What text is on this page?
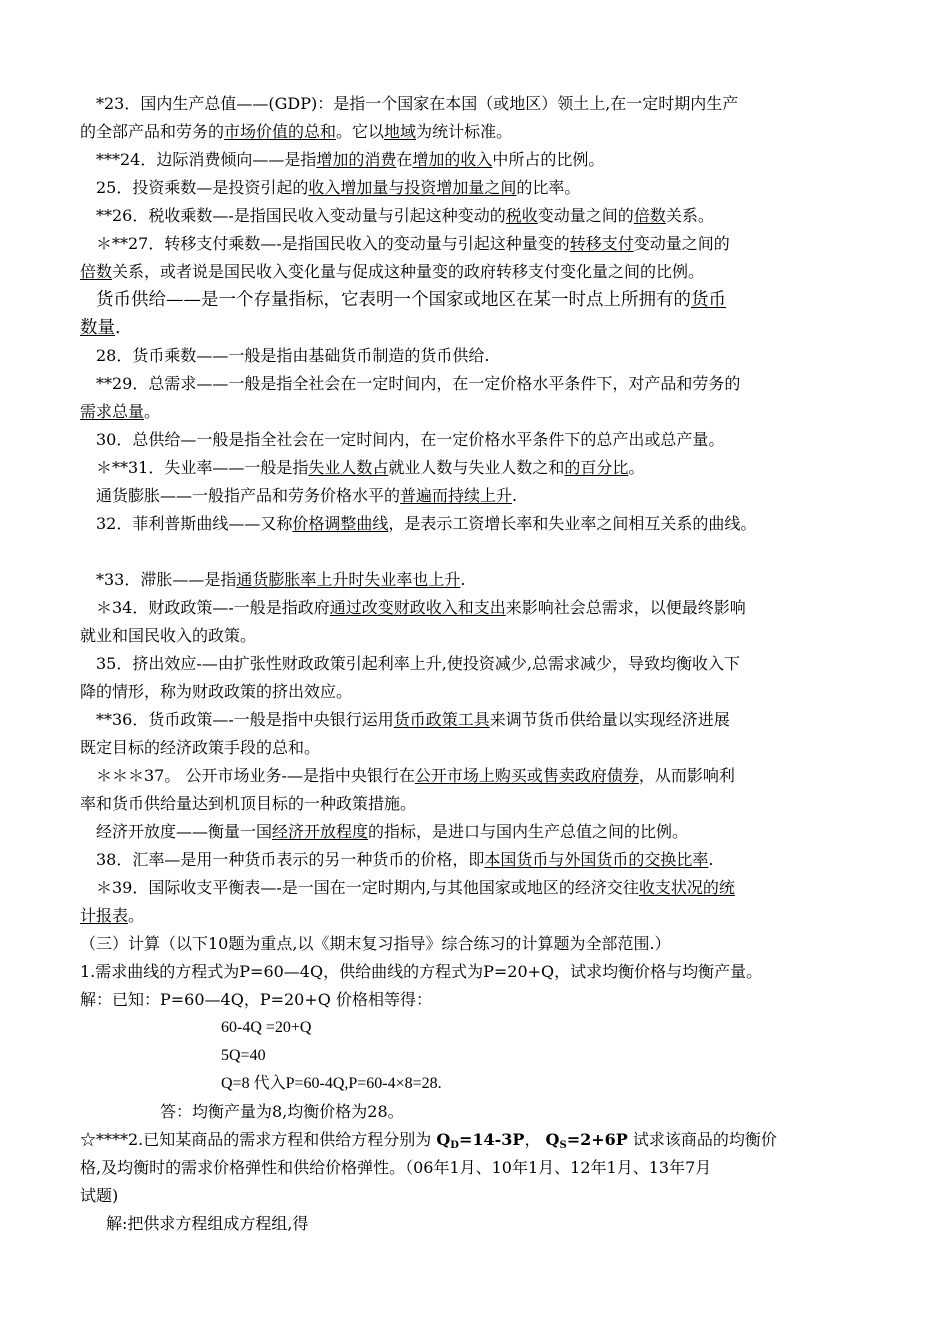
*23．国内生产总值——(GDP)：是指一个国家在本国（或地区）领土上,在一定时期内生产
的全部产品和劳务的市场价值的总和。它以地域为统计标准。
***24．边际消费倾向——是指增加的消费在增加的收入中所占的比例。
25．投资乘数—是投资引起的收入增加量与投资增加量之间的比率。
**26．税收乘数—-是指国民收入变动量与引起这种变动的税收变动量之间的倍数关系。
＊**27．转移支付乘数—-是指国民收入的变动量与引起这种量变的转移支付变动量之间的
倍数关系，或者说是国民收入变化量与促成这种量变的政府转移支付变化量之间的比例。
货币供给——是一个存量指标，它表明一个国家或地区在某一时点上所拥有的货币
数量.
28．货币乘数——一般是指由基础货币制造的货币供给.
**29．总需求——一般是指全社会在一定时间内，在一定价格水平条件下，对产品和劳务的
需求总量。
30．总供给—一般是指全社会在一定时间内，在一定价格水平条件下的总产出或总产量。
＊**31．失业率——一般是指失业人数占就业人数与失业人数之和的百分比。
通货膨胀——一般指产品和劳务价格水平的普遍而持续上升.
32．菲利普斯曲线——又称价格调整曲线，是表示工资增长率和失业率之间相互关系的曲线。
*33．滞胀——是指通货膨胀率上升时失业率也上升.
＊34．财政政策—-一般是指政府通过改变财政收入和支出来影响社会总需求，以便最终影响
就业和国民收入的政策。
35．挤出效应-—由扩张性财政政策引起利率上升,使投资减少,总需求减少，导致均衡收入下
降的情形，称为财政政策的挤出效应。
**36．货币政策—-一般是指中央银行运用货币政策工具来调节货币供给量以实现经济进展
既定目标的经济政策手段的总和。
＊＊＊37。 公开市场业务-—是指中央银行在公开市场上购买或售卖政府债券，从而影响利
率和货币供给量达到机顶目标的一种政策措施。
经济开放度——衡量一国经济开放程度的指标，是进口与国内生产总值之间的比例。
38．汇率—是用一种货币表示的另一种货币的价格，即本国货币与外国货币的交换比率.
＊39．国际收支平衡表—-是一国在一定时期内,与其他国家或地区的经济交往收支状况的统
计报表。
（三）计算（以下10题为重点,以《期末复习指导》综合练习的计算题为全部范围.）
1.需求曲线的方程式为P=60—4Q，供给曲线的方程式为P=20+Q，试求均衡价格与均衡产量。
解：已知：P=60—4Q，P=20+Q 价格相等得：
60-4Q =20+Q
5Q=40
Q=8 代入P=60-4Q,P=60-4×8=28.
答：均衡产量为8,均衡价格为28。
☆****2.已知某商品的需求方程和供给方程分别为 $Q_D=14-3P$， $Q_S=2+6P$ 试求该商品的均衡价
格,及均衡时的需求价格弹性和供给价格弹性。（06年1月、10年1月、12年1月、13年7月
试题)
解:把供求方程组成方程组,得
